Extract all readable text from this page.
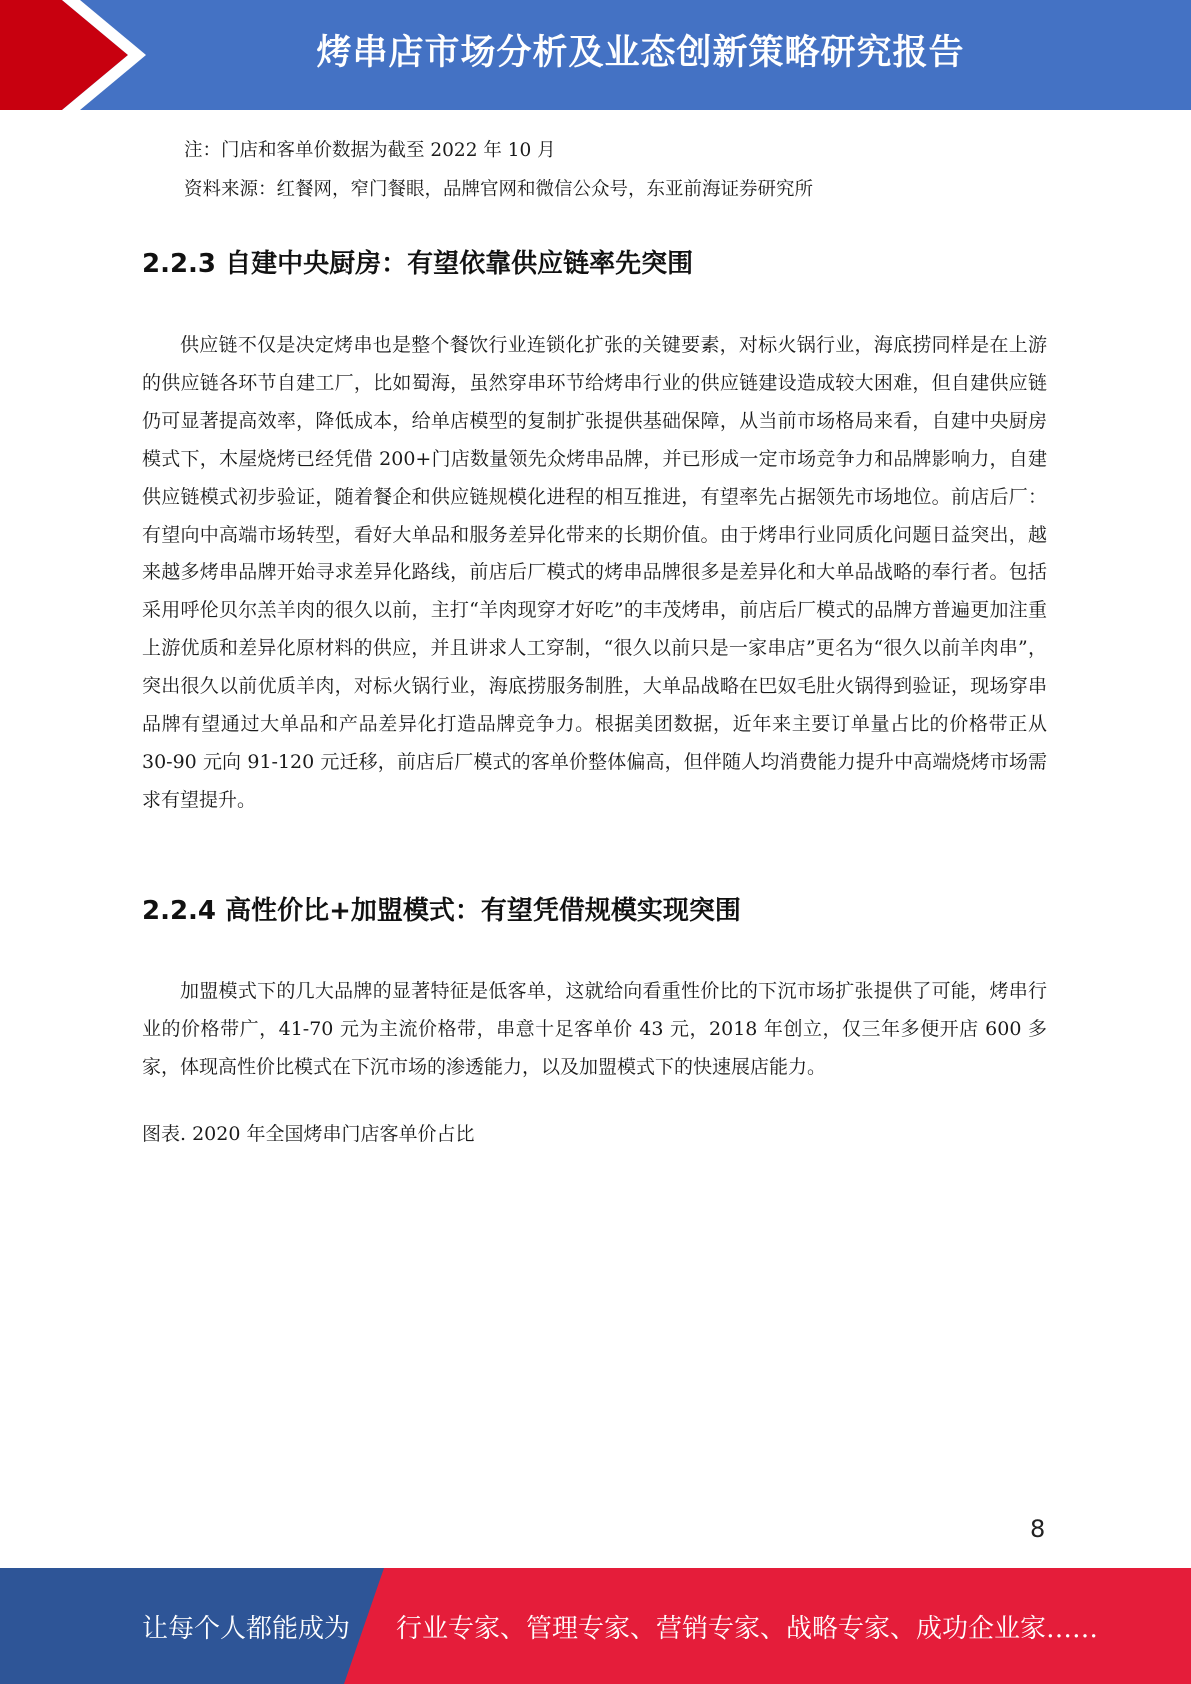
烤串店市场分析及业态创新策略研究报告
注：门店和客单价数据为截至 2022 年 10 月
资料来源：红餐网，窄门餐眼，品牌官网和微信公众号，东亚前海证券研究所
2.2.3 自建中央厨房：有望依靠供应链率先突围

供应链不仅是决定烤串也是整个餐饮行业连锁化扩张的关键要素，对标火锅行业，海底捞同样是在上游的供应链各环节自建工厂，比如蜀海，虽然穿串环节给烤串行业的供应链建设造成较大困难，但自建供应链仍可显著提高效率，降低成本，给单店模型的复制扩张提供基础保障，从当前市场格局来看，自建中央厨房模式下，木屋烧烤已经凭借 200+门店数量领先众烤串品牌，并已形成一定市场竞争力和品牌影响力，自建供应链模式初步验证，随着餐企和供应链规模化进程的相互推进，有望率先占据领先市场地位。前店后厂：有望向中高端市场转型，看好大单品和服务差异化带来的长期价值。由于烤串行业同质化问题日益突出，越来越多烤串品牌开始寻求差异化路线，前店后厂模式的烤串品牌很多是差异化和大单品战略的奉行者。包括采用呼伦贝尔羔羊肉的很久以前，主打“羊肉现穿才好吃”的丰茂烤串，前店后厂模式的品牌方普遍更加注重上游优质和差异化原材料的供应，并且讲求人工穿制，“很久以前只是一家串店”更名为“很久以前羊肉串”，突出很久以前优质羊肉，对标火锅行业，海底捞服务制胜，大单品战略在巴奴毛肚火锅得到验证，现场穿串品牌有望通过大单品和产品差异化打造品牌竞争力。根据美团数据，近年来主要订单量占比的价格带正从 30-90 元向 91-120 元迁移，前店后厂模式的客单价整体偏高，但伴随人均消费能力提升中高端烧烤市场需求有望提升。

2.2.4 高性价比+加盟模式：有望凭借规模实现突围

加盟模式下的几大品牌的显著特征是低客单，这就给向看重性价比的下沉市场扩张提供了可能，烤串行业的价格带广，41-70 元为主流价格带，串意十足客单价 43 元，2018 年创立，仅三年多便开店 600 多家，体现高性价比模式在下沉市场的渗透能力，以及加盟模式下的快速展店能力。

图表. 2020 年全国烤串门店客单价占比
8
让每个人都能成为 行业专家、管理专家、营销专家、战略专家、成功企业家……
